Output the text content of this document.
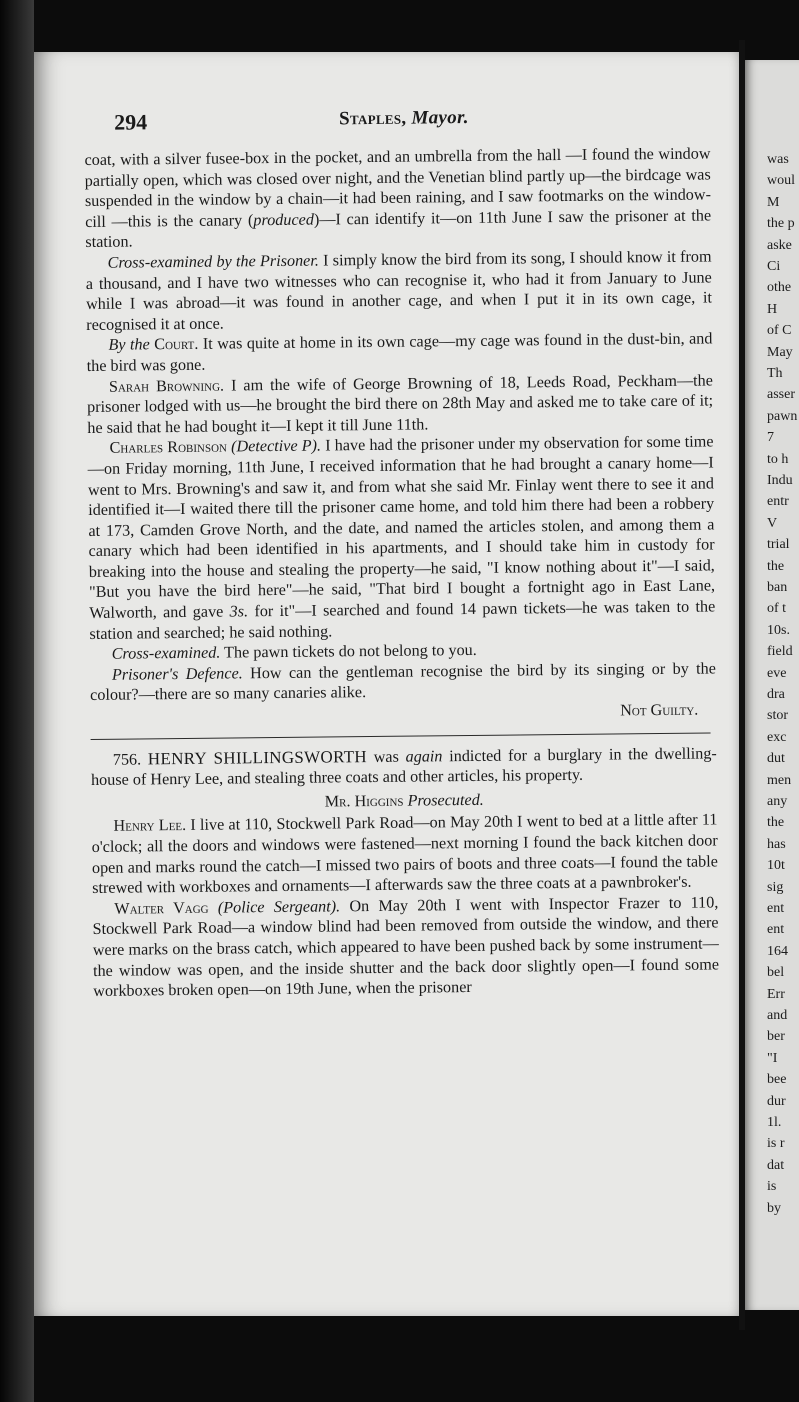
was
woul
M
the p
aske
Ci
othe
H
of C
May
Th
asser
pawn
7
to h
Indu
entr
V
trial
the
ban
of t
10s.
field
eve
dra
stor
exc
dut
men
any
the
has
10t
sig
ent
ent
164
bel
Err
and
ber
"I
bee
dur
1l.
is r
dat
is
by
294	Staples, Mayor.

coat, with a silver fusee-box in the pocket, and an umbrella from the hall —I found the window partially open, which was closed over night, and the Venetian blind partly up—the birdcage was suspended in the window by a chain—it had been raining, and I saw footmarks on the window-cill —this is the canary (produced)—I can identify it—on 11th June I saw the prisoner at the station.

Cross-examined by the Prisoner. I simply know the bird from its song, I should know it from a thousand, and I have two witnesses who can recognise it, who had it from January to June while I was abroad—it was found in another cage, and when I put it in its own cage, it recognised it at once.

By the Court. It was quite at home in its own cage—my cage was found in the dust-bin, and the bird was gone.

Sarah Browning. I am the wife of George Browning of 18, Leeds Road, Peckham—the prisoner lodged with us—he brought the bird there on 28th May and asked me to take care of it; he said that he had bought it—I kept it till June 11th.

Charles Robinson (Detective P). I have had the prisoner under my observation for some time—on Friday morning, 11th June, I received information that he had brought a canary home—I went to Mrs. Browning's and saw it, and from what she said Mr. Finlay went there to see it and identified it—I waited there till the prisoner came home, and told him there had been a robbery at 173, Camden Grove North, and the date, and named the articles stolen, and among them a canary which had been identified in his apartments, and I should take him in custody for breaking into the house and stealing the property—he said, "I know nothing about it"—I said, "But you have the bird here"—he said, "That bird I bought a fortnight ago in East Lane, Walworth, and gave 3s. for it"—I searched and found 14 pawn tickets—he was taken to the station and searched; he said nothing.

Cross-examined. The pawn tickets do not belong to you.

Prisoner's Defence. How can the gentleman recognise the bird by its singing or by the colour?—there are so many canaries alike.

Not Guilty.

756. HENRY SHILLINGSWORTH was again indicted for a burglary in the dwelling-house of Henry Lee, and stealing three coats and other articles, his property.

Mr. Higgins Prosecuted.

Henry Lee. I live at 110, Stockwell Park Road—on May 20th I went to bed at a little after 11 o'clock; all the doors and windows were fastened—next morning I found the back kitchen door open and marks round the catch—I missed two pairs of boots and three coats—I found the table strewed with workboxes and ornaments—I afterwards saw the three coats at a pawnbroker's.

Walter Vagg (Police Sergeant). On May 20th I went with Inspector Frazer to 110, Stockwell Park Road—a window blind had been removed from outside the window, and there were marks on the brass catch, which appeared to have been pushed back by some instrument—the window was open, and the inside shutter and the back door slightly open—I found some workboxes broken open—on 19th June, when the prisoner
